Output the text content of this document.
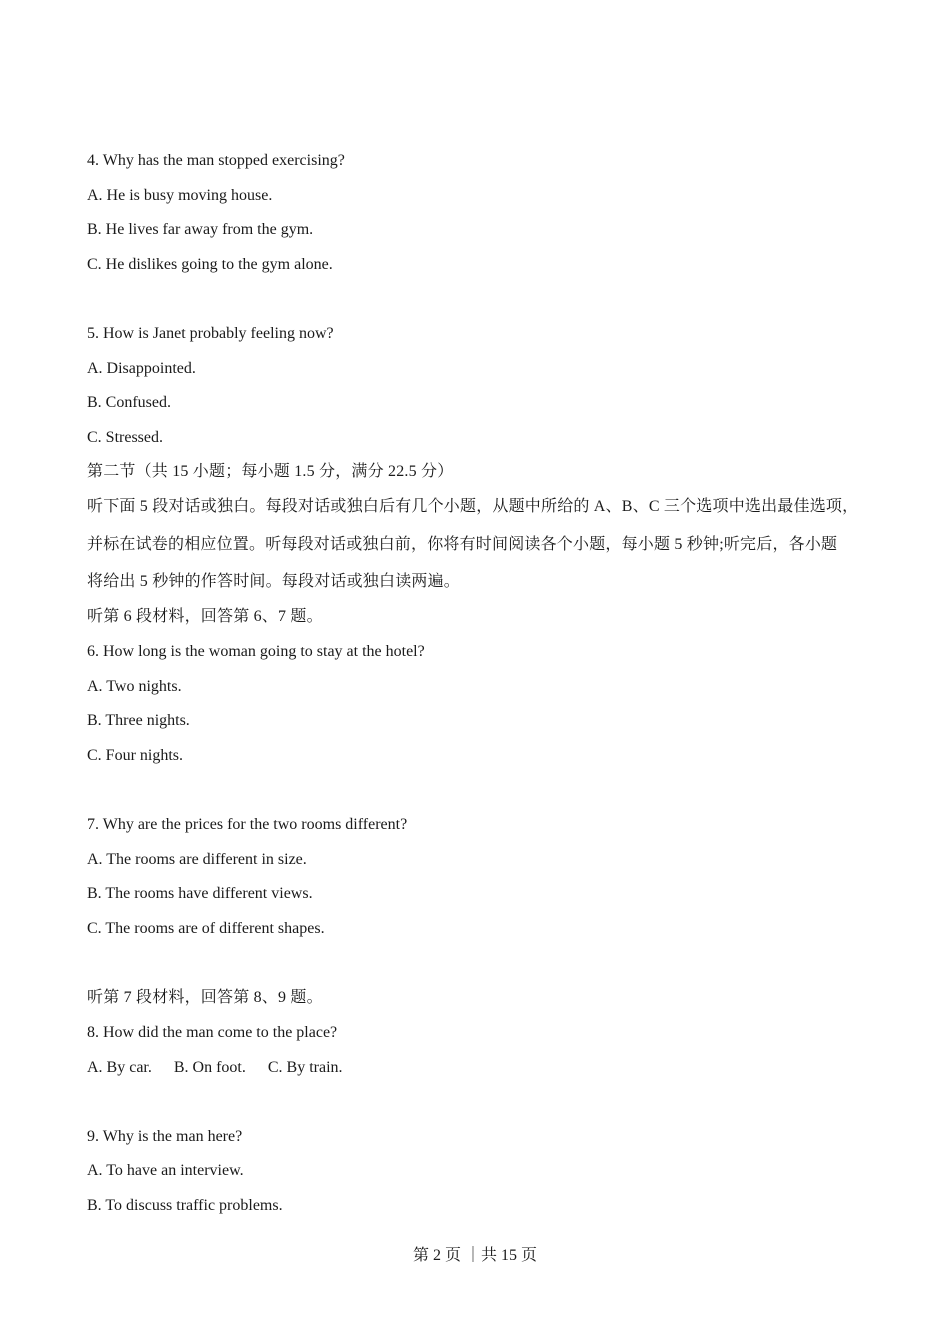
4. Why has the man stopped exercising?
A. He is busy moving house.
B. He lives far away from the gym.
C. He dislikes going to the gym alone.
5. How is Janet probably feeling now?
A. Disappointed.
B. Confused.
C. Stressed.
第二节（共 15 小题；每小题 1.5 分，满分 22.5 分）
听下面 5 段对话或独白。每段对话或独白后有几个小题，从题中所给的 A、B、C 三个选项中选出最佳选项，
并标在试卷的相应位置。听每段对话或独白前，你将有时间阅读各个小题，每小题 5 秒钟;听完后，各小题
将给出 5 秒钟的作答时间。每段对话或独白读两遍。
听第 6 段材料，回答第 6、7 题。
6. How long is the woman going to stay at the hotel?
A. Two nights.
B. Three nights.
C. Four nights.
7. Why are the prices for the two rooms different?
A. The rooms are different in size.
B. The rooms have different views.
C. The rooms are of different shapes.
听第 7 段材料，回答第 8、9 题。
8. How did the man come to the place?
A. By car. B. On foot. C. By train.
9. Why is the man here?
A. To have an interview.
B. To discuss traffic problems.
第 2 页 ｜共 15 页
